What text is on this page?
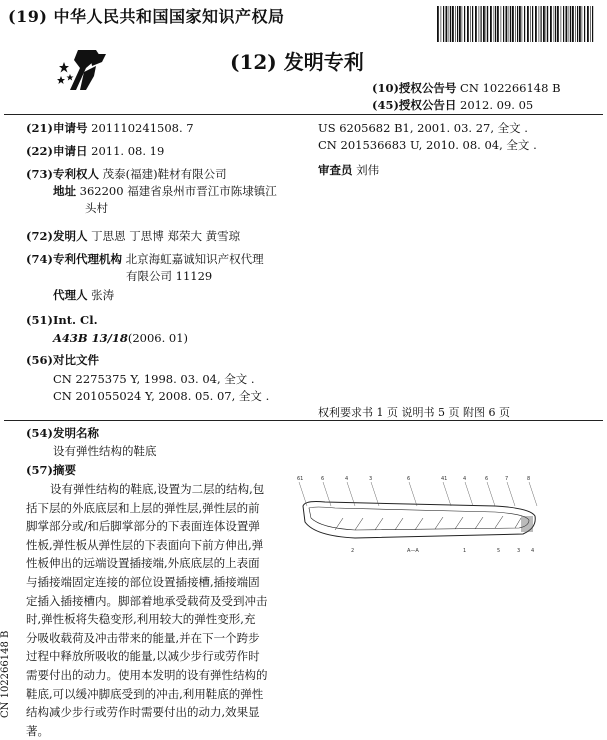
(19) 中华人民共和国国家知识产权局
(12) 发明专利
(10)授权公告号 CN 102266148 B
(45)授权公告日 2012. 09. 05
(21)申请号 201110241508. 7
(22)申请日 2011. 08. 19
(73)专利权人 茂泰(福建)鞋材有限公司
地址 362200 福建省泉州市晋江市陈埭镇江
头村
(72)发明人 丁思恩 丁思博 郑荣大 黄雪琼
(74)专利代理机构 北京海虹嘉诚知识产权代理
有限公司 11129
代理人 张涛
(51)Int. Cl.
A43B 13/18(2006. 01)
(56)对比文件
CN 2275375 Y, 1998. 03. 04, 全文 .
CN 201055024 Y, 2008. 05. 07, 全文 .
US 6205682 B1, 2001. 03. 27, 全文 .
CN 201536683 U, 2010. 08. 04, 全文 .
审查员 刘伟
权利要求书 1 页 说明书 5 页 附图 6 页
(54)发明名称
设有弹性结构的鞋底
(57)摘要
设有弹性结构的鞋底,设置为二层的结构,包
括下层的外底底层和上层的弹性层,弹性层的前
脚掌部分或/和后脚掌部分的下表面连体设置弹
性板,弹性板从弹性层的下表面向下前方伸出,弹
性板伸出的远端设置插接端,外底底层的上表面
与插接端固定连接的部位设置插接槽,插接端固
定插入插接槽内。脚部着地承受载荷及受到冲击
时,弹性板将失稳变形,利用较大的弹性变形,充
分吸收载荷及冲击带来的能量,并在下一个跨步
过程中释放所吸收的能量,以减少步行或劳作时
需要付出的动力。使用本发明的设有弹性结构的
鞋底,可以缓冲脚底受到的冲击,利用鞋底的弹性
结构减少步行或劳作时需要付出的动力,效果显
著。
61	6	4	3	6	41	4	6	7	8
2	1	5	3 4
A—A
CN 102266148 B
